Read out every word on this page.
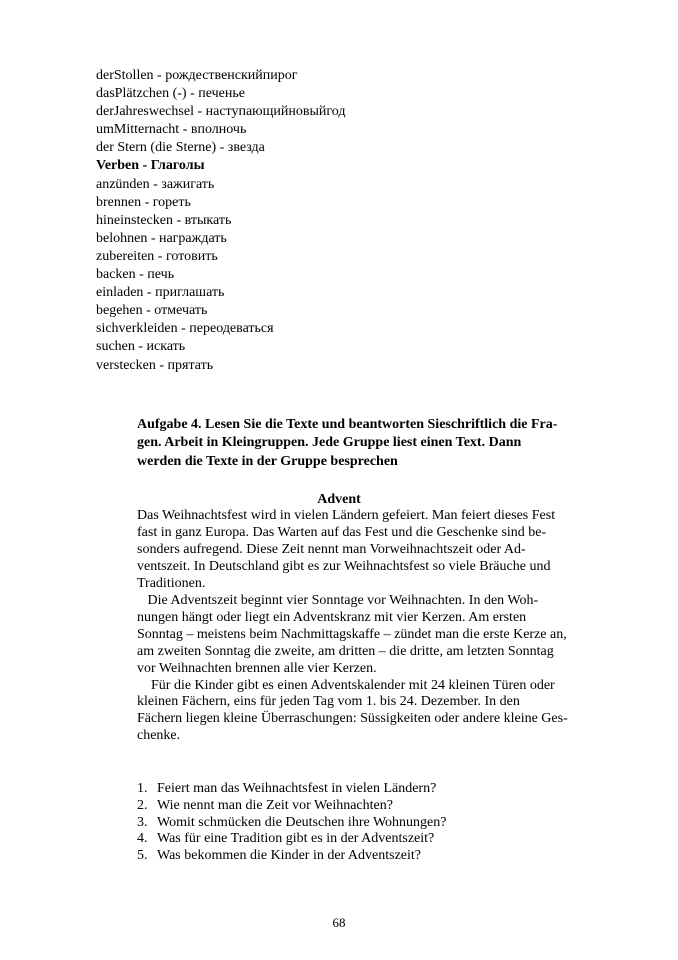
derStollen - рождественскийпирог
dasPlätzchen (-) - печенье
derJahreswechsel - наступающийновыйгод
umMitternacht - вполночь
der Stern (die Sterne) - звезда
Verben - Глаголы
anzünden - зажигать
brennen - гореть
hineinstecken - втыкать
belohnen - награждать
zubereiten - готовить
backen - печь
einladen - приглашать
begehen - отмечать
sichverkleiden - переодеваться
suchen - искать
verstecken - прятать
Aufgabe 4. Lesen Sie die Texte und beantworten Sieschriftlich die Fra-
gen. Arbeit in Kleingruppen. Jede Gruppe liest einen Text. Dann
werden die Texte in der Gruppe besprechen
Advent
Das Weihnachtsfest wird in vielen Ländern gefeiert. Man feiert dieses Fest
fast in ganz Europa. Das Warten auf das Fest und die Geschenke sind be-
sonders aufregend. Diese Zeit nennt man Vorweihnachtszeit oder Ad-
ventszeit. In Deutschland gibt es zur Weihnachtsfest so viele Bräuche und
Traditionen.
Die Adventszeit beginnt vier Sonntage vor Weihnachten. In den Woh-
nungen hängt oder liegt ein Adventskranz mit vier Kerzen. Am ersten
Sonntag – meistens beim Nachmittagskaffe – zündet man die erste Kerze an,
am zweiten Sonntag die zweite, am dritten – die dritte, am letzten Sonntag
vor Weihnachten brennen alle vier Kerzen.
Für die Kinder gibt es einen Adventskalender mit 24 kleinen Türen oder
kleinen Fächern, eins für jeden Tag vom 1. bis 24. Dezember. In den
Fächern liegen kleine Überraschungen: Süssigkeiten oder andere kleine Ges-
chenke.
1. Feiert man das Weihnachtsfest in vielen Ländern?
2. Wie nennt man die Zeit vor Weihnachten?
3. Womit schmücken die Deutschen ihre Wohnungen?
4. Was für eine Tradition gibt es in der Adventszeit?
5. Was bekommen die Kinder in der Adventszeit?
68
